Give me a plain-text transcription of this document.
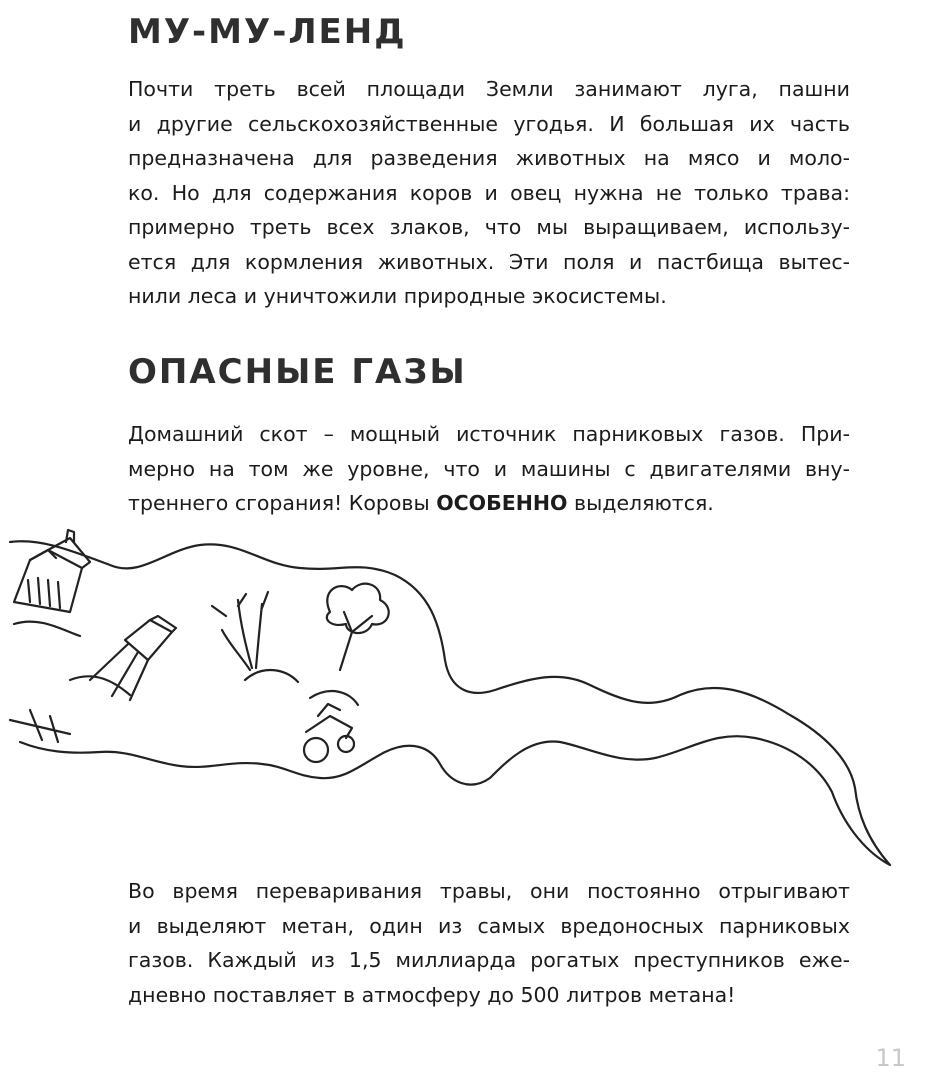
МУ-МУ-ЛЕНД

Почти треть всей площади Земли занимают луга, пашни
и другие сельскохозяйственные угодья. И большая их часть
предназначена для разведения животных на мясо и моло-
ко. Но для содержания коров и овец нужна не только трава:
примерно треть всех злаков, что мы выращиваем, использу-
ется для кормления животных. Эти поля и пастбища вытес-
нили леса и уничтожили природные экосистемы.

ОПАСНЫЕ ГАЗЫ

Домашний скот – мощный источник парниковых газов. При-
мерно на том же уровне, что и машины с двигателями вну-
треннего сгорания! Коровы ОСОБЕННО выделяются.

Во время переваривания травы, они постоянно отрыгивают
и выделяют метан, один из самых вредоносных парниковых
газов. Каждый из 1,5 миллиарда рогатых преступников еже-
дневно поставляет в атмосферу до 500 литров метана!

11
